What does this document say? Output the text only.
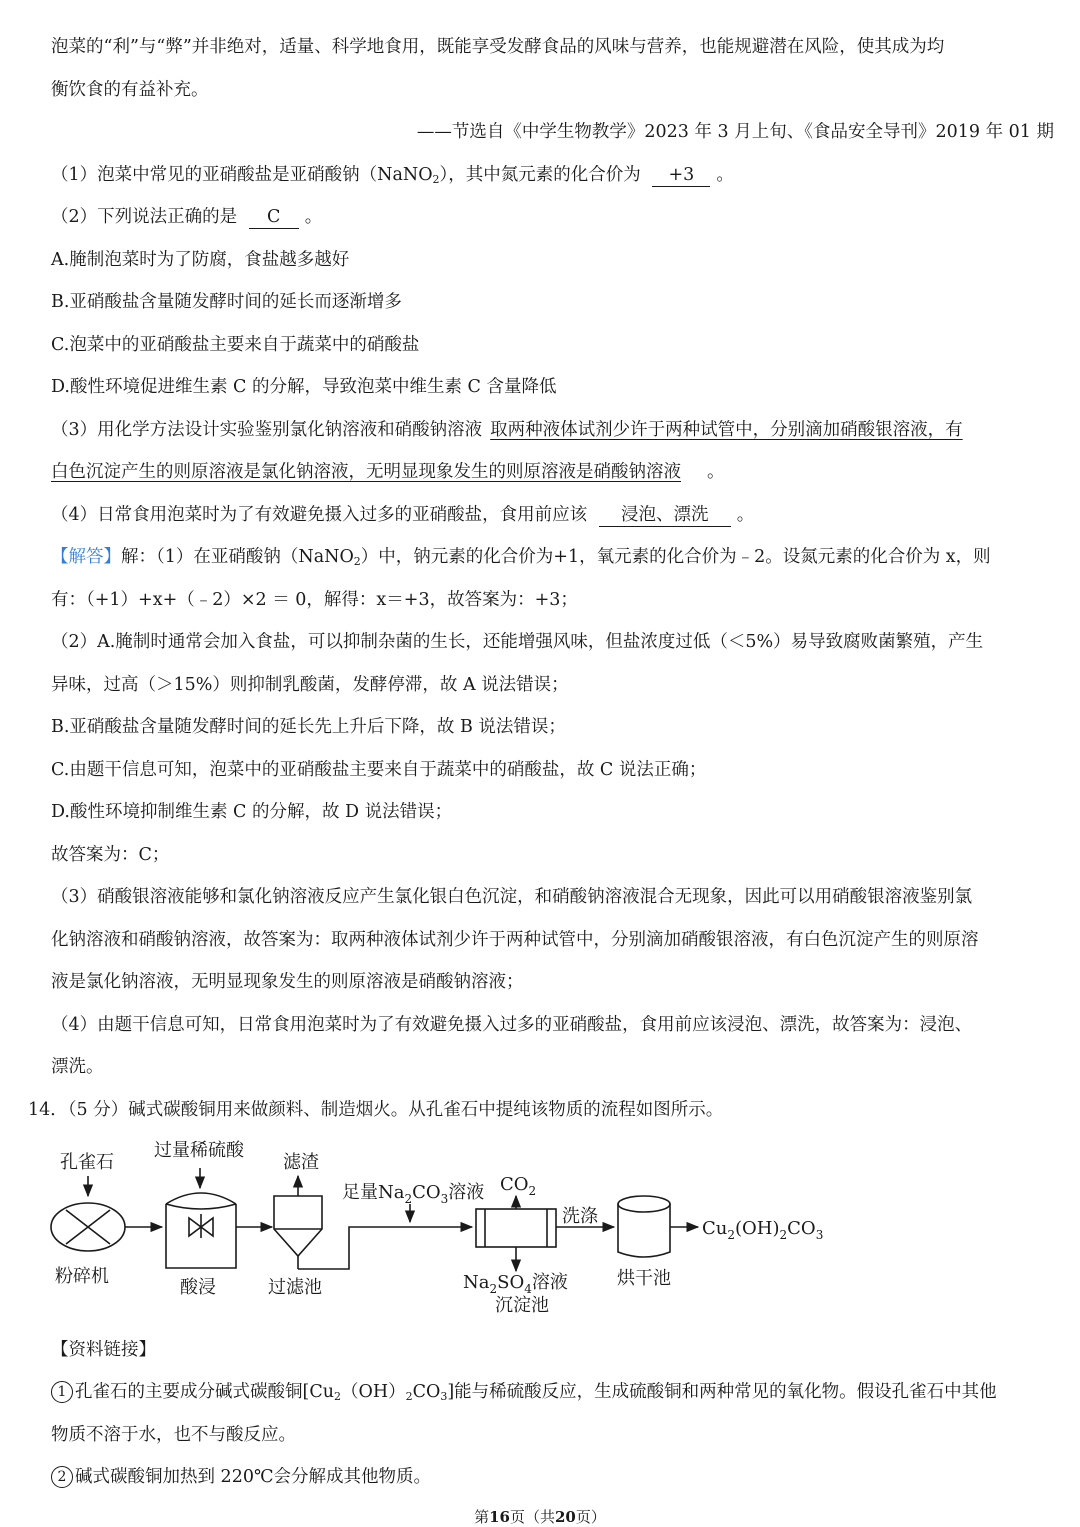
泡菜的“利”与“弊”并非绝对，适量、科学地食用，既能享受发酵食品的风味与营养，也能规避潜在风险，使其成为均
衡饮食的有益补充。
——节选自《中学生物教学》2023 年 3 月上旬、《食品安全导刊》2019 年 01 期
（1）泡菜中常见的亚硝酸盐是亚硝酸钠（NaNO$_2$），其中氮元素的化合价为 +3 。
（2）下列说法正确的是 C 。
A.腌制泡菜时为了防腐，食盐越多越好
B.亚硝酸盐含量随发酵时间的延长而逐渐增多
C.泡菜中的亚硝酸盐主要来自于蔬菜中的硝酸盐
D.酸性环境促进维生素 C 的分解，导致泡菜中维生素 C 含量降低
（3）用化学方法设计实验鉴别氯化钠溶液和硝酸钠溶液 取两种液体试剂少许于两种试管中，分别滴加硝酸银溶液，有
白色沉淀产生的则原溶液是氯化钠溶液，无明显现象发生的则原溶液是硝酸钠溶液 。
（4）日常食用泡菜时为了有效避免摄入过多的亚硝酸盐，食用前应该 浸泡、漂洗 。
【解答】解：（1）在亚硝酸钠（NaNO$_2$）中，钠元素的化合价为+1，氧元素的化合价为﹣2。设氮元素的化合价为 x，则
有：（+1）+x+（﹣2）×2 ＝ 0，解得：x＝+3，故答案为：+3；
（2）A.腌制时通常会加入食盐，可以抑制杂菌的生长，还能增强风味，但盐浓度过低（＜5%）易导致腐败菌繁殖，产生
异味，过高（＞15%）则抑制乳酸菌，发酵停滞，故 A 说法错误；
B.亚硝酸盐含量随发酵时间的延长先上升后下降，故 B 说法错误；
C.由题干信息可知，泡菜中的亚硝酸盐主要来自于蔬菜中的硝酸盐，故 C 说法正确；
D.酸性环境抑制维生素 C 的分解，故 D 说法错误；
故答案为：C；
（3）硝酸银溶液能够和氯化钠溶液反应产生氯化银白色沉淀，和硝酸钠溶液混合无现象，因此可以用硝酸银溶液鉴别氯
化钠溶液和硝酸钠溶液，故答案为：取两种液体试剂少许于两种试管中，分别滴加硝酸银溶液，有白色沉淀产生的则原溶
液是氯化钠溶液，无明显现象发生的则原溶液是硝酸钠溶液；
（4）由题干信息可知，日常食用泡菜时为了有效避免摄入过多的亚硝酸盐，食用前应该浸泡、漂洗，故答案为：浸泡、
漂洗。
14．（5 分）碱式碳酸铜用来做颜料、制造烟火。从孔雀石中提纯该物质的流程如图所示。
孔雀石
粉碎机
过量稀硫酸
酸浸
滤渣
过滤池
足量$Na_2CO_3$溶液 $CO_2$
洗涤
$Cu_2(OH)_2CO_3$
$Na_2SO_4$溶液
沉淀池
烘干池
【资料链接】
1 孔雀石的主要成分碱式碳酸铜$[Cu_2(OH)_2CO_3]$能与稀硫酸反应，生成硫酸铜和两种常见的氧化物。假设孔雀石中其他
物质不溶于水，也不与酸反应。
2 碱式碳酸铜加热到 220℃会分解成其他物质。
第16页（共20页）
